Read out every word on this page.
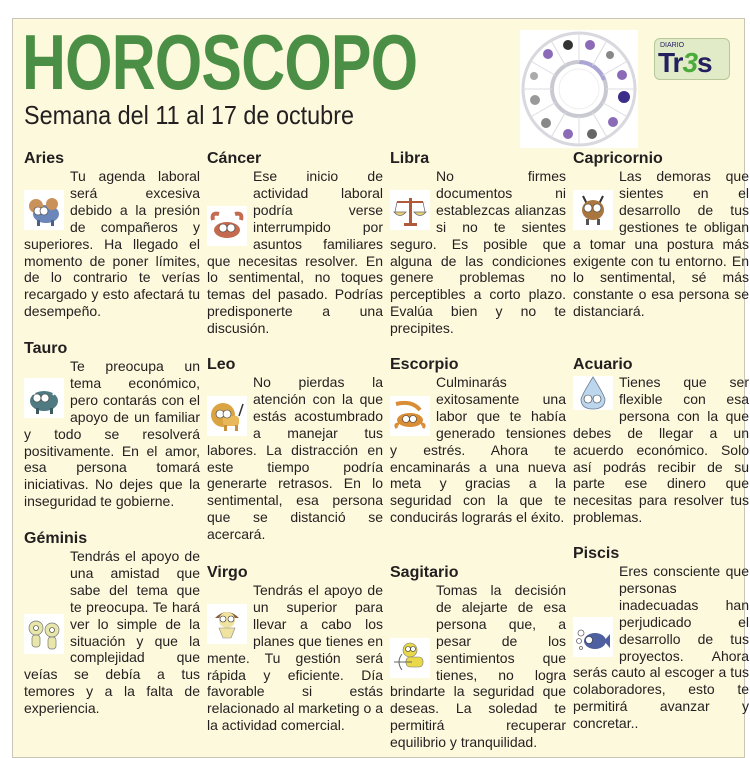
HOROSCOPO
Semana del 11 al 17 de octubre
DIARIO
Tr3s
Aries

Tu agenda laboral será excesiva debido a la presión de compañeros y superiores. Ha llegado el momento de poner límites, de lo contrario te verías recargado y esto afectará tu desempeño.

Tauro

Te preocupa un tema económico, pero contarás con el apoyo de un familiar y todo se resolverá positivamente. En el amor, esa persona tomará iniciativas. No dejes que la inseguridad te gobierne.

Géminis

Tendrás el apoyo de una amistad que sabe del tema que te preocupa. Te hará ver lo simple de la situación y que la complejidad que veías se debía a tus temores y a la falta de experiencia.

Cáncer

Ese inicio de actividad laboral podría verse interrumpido por asuntos familiares que necesitas resolver. En lo sentimental, no toques temas del pasado. Podrías predisponerte a una discusión.

Leo

No pierdas la atención con la que estás acostumbrado a manejar tus labores. La distracción en este tiempo podría generarte retrasos. En lo sentimental, esa persona que se distanció se acercará.

Virgo

Tendrás el apoyo de un superior para llevar a cabo los planes que tienes en mente. Tu gestión será rápida y eficiente. Día favorable si estás relacionado al marketing o a la actividad comercial.

Libra

No firmes documentos ni establezcas alianzas si no te sientes seguro. Es posible que alguna de las condiciones genere problemas no perceptibles a corto plazo. Evalúa bien y no te precipites.

Escorpio

Culminarás exitosamente una labor que te había generado tensiones y estrés. Ahora te encaminarás a una nueva meta y gracias a la seguridad con la que te conducirás lograrás el éxito.

Sagitario

Tomas la decisión de alejarte de esa persona que, a pesar de los sentimientos que tienes, no logra brindarte la seguridad que deseas. La soledad te permitirá recuperar equilibrio y tranquilidad.

Capricornio

Las demoras que sientes en el desarrollo de tus gestiones te obligan a tomar una postura más exigente con tu entorno. En lo sentimental, sé más constante o esa persona se distanciará.

Acuario

Tienes que ser flexible con esa persona con la que debes de llegar a un acuerdo económico. Solo así podrás recibir de su parte ese dinero que necesitas para resolver tus problemas.

Piscis

Eres consciente que personas inadecuadas han perjudicado el desarrollo de tus proyectos. Ahora serás cauto al escoger a tus colaboradores, esto te permitirá avanzar y concretar..
